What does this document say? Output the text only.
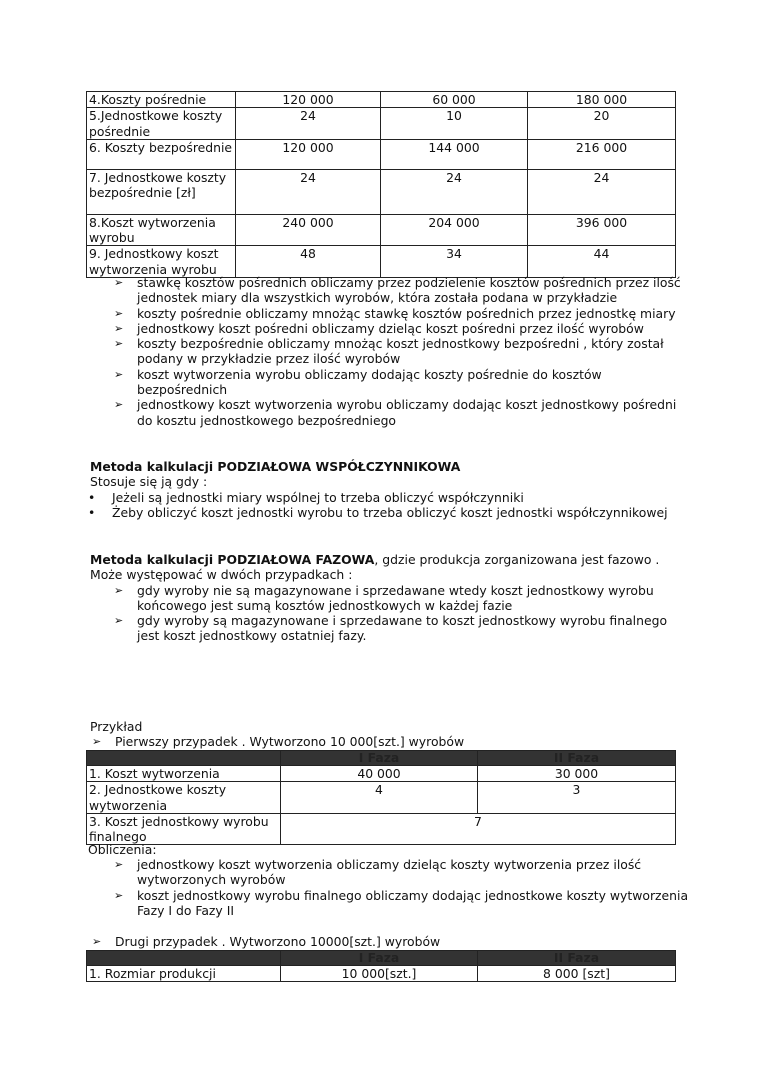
4.Koszty pośrednie	120 000	60 000	180 000
5.Jednostkowe koszty pośrednie	24	10	20
6. Koszty bezpośrednie	120 000	144 000	216 000
7. Jednostkowe koszty bezpośrednie [zł]	24	24	24
8.Koszt wytworzenia wyrobu	240 000	204 000	396 000
9. Jednostkowy koszt wytworzenia wyrobu	48	34	44
➢ stawkę kosztów pośrednich obliczamy przez podzielenie kosztów pośrednich przez ilość jednostek miary dla wszystkich wyrobów, która została podana w przykładzie
➢ koszty pośrednie obliczamy mnożąc stawkę kosztów pośrednich przez jednostkę miary
➢ jednostkowy koszt pośredni obliczamy dzieląc koszt pośredni przez ilość wyrobów
➢ koszty bezpośrednie obliczamy mnożąc koszt jednostkowy bezpośredni , który został podany w przykładzie przez ilość wyrobów
➢ koszt wytworzenia wyrobu obliczamy dodając koszty pośrednie do kosztów bezpośrednich
➢ jednostkowy koszt wytworzenia wyrobu obliczamy dodając koszt jednostkowy pośredni do kosztu jednostkowego bezpośredniego

Metoda kalkulacji PODZIAŁOWA WSPÓŁCZYNNIKOWA

Stosuje się ją gdy :

• Jeżeli są jednostki miary wspólnej to trzeba obliczyć współczynniki
• Żeby obliczyć koszt jednostki wyrobu to trzeba obliczyć koszt jednostki współczynnikowej

Metoda kalkulacji PODZIAŁOWA FAZOWA, gdzie produkcja zorganizowana jest fazowo . Może występować w dwóch przypadkach :

➢ gdy wyroby nie są magazynowane i sprzedawane wtedy koszt jednostkowy wyrobu końcowego jest sumą kosztów jednostkowych w każdej fazie
➢ gdy wyroby są magazynowane i sprzedawane to koszt jednostkowy wyrobu finalnego jest koszt jednostkowy ostatniej fazy.
Przykład
➢ Pierwszy przypadek . Wytworzono 10 000[szt.] wyrobów
	I Faza	II Faza
1. Koszt wytworzenia	40 000	30 000
2. Jednostkowe koszty wytworzenia	4	3
3. Koszt jednostkowy wyrobu finalnego	7	
Obliczenia:
➢ jednostkowy koszt wytworzenia obliczamy dzieląc koszty wytworzenia przez ilość wytworzonych wyrobów
➢ koszt jednostkowy wyrobu finalnego obliczamy dodając jednostkowe koszty wytworzenia Fazy I do Fazy II
➢ Drugi przypadek . Wytworzono 10000[szt.] wyrobów
	I Faza	II Faza
1. Rozmiar produkcji	10 000[szt.]	8 000 [szt]
